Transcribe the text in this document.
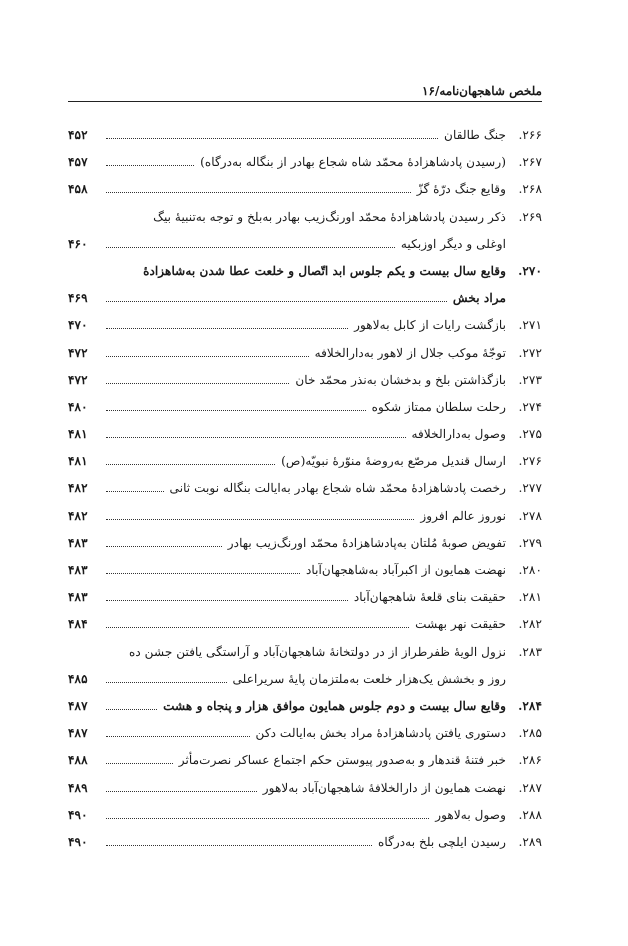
ملخص شاهجهان‌نامه/۱۶
۲۶۶.
جنگ طالقان
۴۵۲
۲۶۷.
(رسیدن پادشاهزادهٔ محمّد شاه شجاع بهادر از بنگاله به‌درگاه)
۴۵۷
۲۶۸.
وقایع جنگ درّهٔ گزّ
۴۵۸
۲۶۹.
ذکر رسیدن پادشاهزادهٔ محمّد اورنگ‌زیب بهادر به‌بلخ و توجه به‌تنبیهٔ بیگ
اوغلی و دیگر اوزبکیه
۴۶۰
۲۷۰.
وقایع سال بیست و یکم جلوس ابد اتّصال و خلعت عطا شدن به‌شاهزادهٔ
مراد بخش
۴۶۹
۲۷۱.
بازگشت رایات از کابل به‌لاهور
۴۷۰
۲۷۲.
توجّهٔ موکب جلال از لاهور به‌دارالخلافه
۴۷۲
۲۷۳.
بازگذاشتن بلخ و بدخشان به‌نذر محمّد خان
۴۷۲
۲۷۴.
رحلت سلطان ممتاز شکوه
۴۸۰
۲۷۵.
وصول به‌دارالخلافه
۴۸۱
۲۷۶.
ارسال قندیل مرصّع به‌روضهٔ منوّرهٔ نبویّه(ص)
۴۸۱
۲۷۷.
رخصت پادشاهزادهٔ محمّد شاه شجاع بهادر به‌ایالت بنگاله نوبت ثانی
۴۸۲
۲۷۸.
نوروز عالم افروز
۴۸۲
۲۷۹.
تفویض صوبهٔ مُلتان به‌پادشاهزادهٔ محمّد اورنگ‌زیب بهادر
۴۸۳
۲۸۰.
نهضت همایون از اکبرآباد به‌شاهجهان‌آباد
۴۸۳
۲۸۱.
حقیقت بنای قلعهٔ شاهجهان‌آباد
۴۸۳
۲۸۲.
حقیقت نهر بهشت
۴۸۴
۲۸۳.
نزول الویهٔ ظفرطراز از در دولتخانهٔ شاهجهان‌آباد و آراستگی یافتن جشن ده
روز و بخشش یک‌هزار خلعت به‌ملتزمان پایهٔ سریراعلی
۴۸۵
۲۸۴.
وقایع سال بیست و دوم جلوس همایون موافق هزار و پنجاه و هشت
۴۸۷
۲۸۵.
دستوری یافتن پادشاهزادهٔ مراد بخش به‌ایالت دکن
۴۸۷
۲۸۶.
خبر فتنهٔ قندهار و به‌صدور پیوستن حکم اجتماع عساکر نصرت‌مأثر
۴۸۸
۲۸۷.
نهضت همایون از دارالخلافهٔ شاهجهان‌آباد به‌لاهور
۴۸۹
۲۸۸.
وصول به‌لاهور
۴۹۰
۲۸۹.
رسیدن ایلچی بلخ به‌درگاه
۴۹۰
